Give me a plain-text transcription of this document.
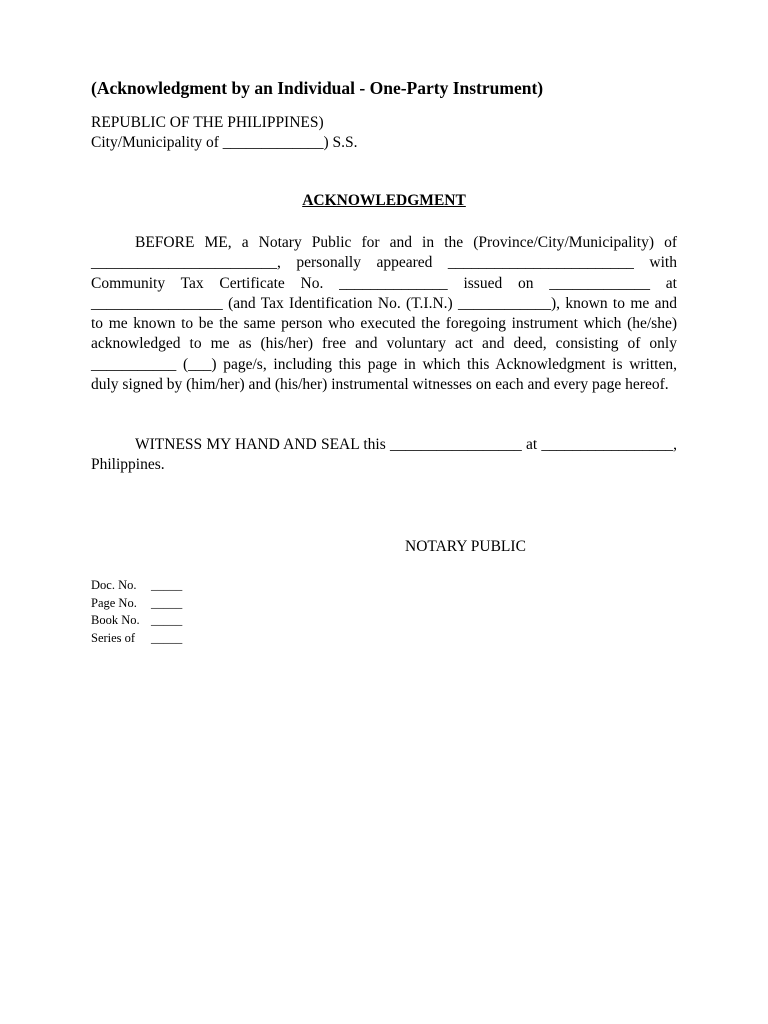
(Acknowledgment by an Individual - One-Party Instrument)
REPUBLIC OF THE PHILIPPINES)
City/Municipality of _____________) S.S.
ACKNOWLEDGMENT

BEFORE ME, a Notary Public for and in the (Province/City/Municipality) of ________________________, personally appeared ________________________ with Community Tax Certificate No. ______________ issued on _____________ at _________________ (and Tax Identification No. (T.I.N.) ____________), known to me and to me known to be the same person who executed the foregoing instrument which (he/she) acknowledged to me as (his/her) free and voluntary act and deed, consisting of only ___________ (___) page/s, including this page in which this Acknowledgment is written, duly signed by (him/her) and (his/her) instrumental witnesses on each and every page hereof.

WITNESS MY HAND AND SEAL this _________________ at _________________, Philippines.

NOTARY PUBLIC
Doc. No.	_____
Page No.	_____
Book No. _____
Series of	_____
